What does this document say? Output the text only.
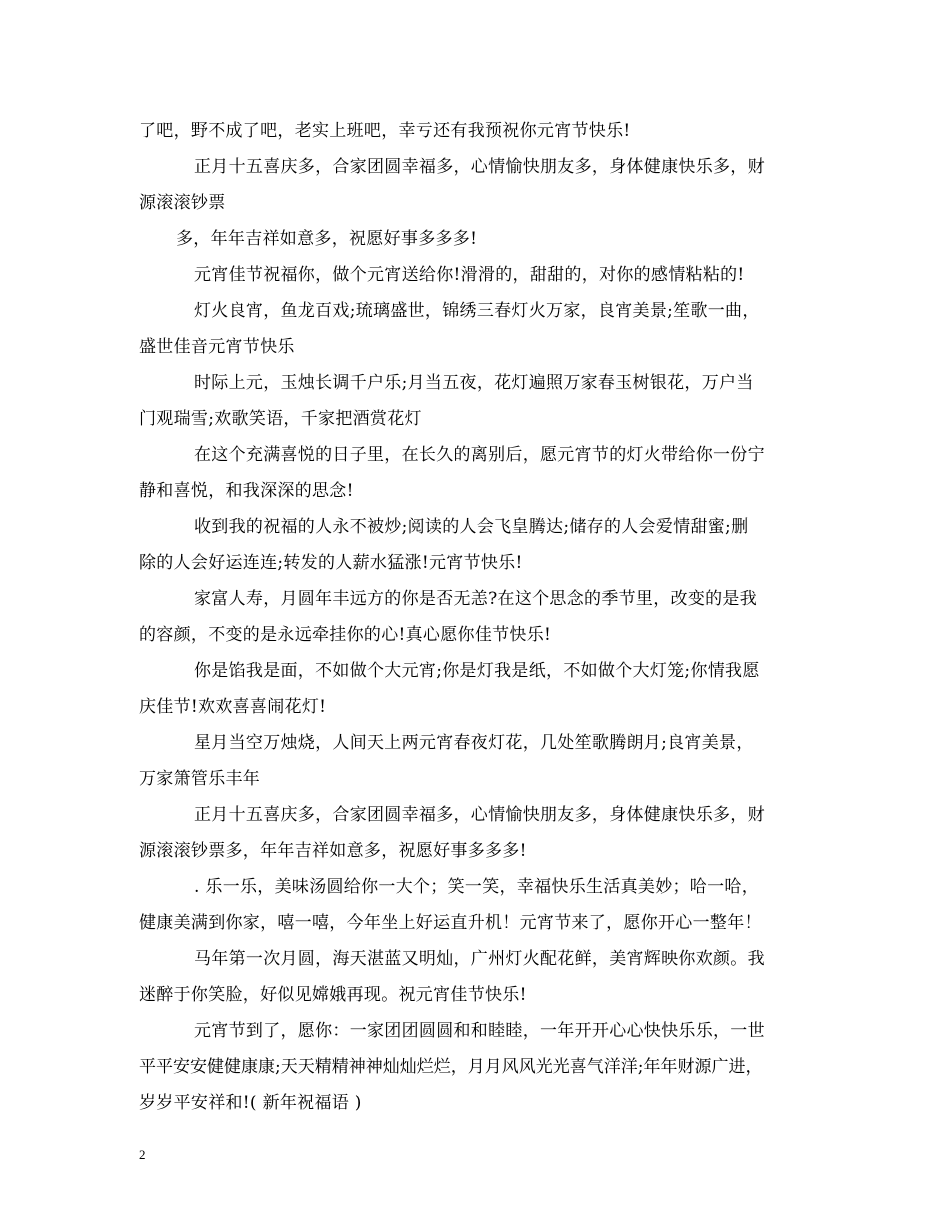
了吧，野不成了吧，老实上班吧，幸亏还有我预祝你元宵节快乐!
正月十五喜庆多，合家团圆幸福多，心情愉快朋友多，身体健康快乐多，财
源滚滚钞票
多，年年吉祥如意多，祝愿好事多多多!
元宵佳节祝福你，做个元宵送给你!滑滑的，甜甜的，对你的感情粘粘的!
灯火良宵，鱼龙百戏;琉璃盛世，锦绣三春灯火万家，良宵美景;笙歌一曲，
盛世佳音元宵节快乐
时际上元，玉烛长调千户乐;月当五夜，花灯遍照万家春玉树银花，万户当
门观瑞雪;欢歌笑语，千家把酒赏花灯
在这个充满喜悦的日子里，在长久的离别后，愿元宵节的灯火带给你一份宁
静和喜悦，和我深深的思念!
收到我的祝福的人永不被炒;阅读的人会飞皇腾达;储存的人会爱情甜蜜;删
除的人会好运连连;转发的人薪水猛涨!元宵节快乐!
家富人寿，月圆年丰远方的你是否无恙?在这个思念的季节里，改变的是我
的容颜，不变的是永远牵挂你的心!真心愿你佳节快乐!
你是馅我是面，不如做个大元宵;你是灯我是纸，不如做个大灯笼;你情我愿
庆佳节!欢欢喜喜闹花灯!
星月当空万烛烧，人间天上两元宵春夜灯花，几处笙歌腾朗月;良宵美景，
万家箫管乐丰年
正月十五喜庆多，合家团圆幸福多，心情愉快朋友多，身体健康快乐多，财
源滚滚钞票多，年年吉祥如意多，祝愿好事多多多!
. 乐一乐，美味汤圆给你一大个；笑一笑，幸福快乐生活真美妙；哈一哈，
健康美满到你家，嘻一嘻，今年坐上好运直升机！元宵节来了，愿你开心一整年！
马年第一次月圆，海天湛蓝又明灿，广州灯火配花鲜，美宵辉映你欢颜。我
迷醉于你笑脸，好似见嫦娥再现。祝元宵佳节快乐!
元宵节到了，愿你：一家团团圆圆和和睦睦，一年开开心心快快乐乐，一世
平平安安健健康康;天天精精神神灿灿烂烂，月月风风光光喜气洋洋;年年财源广进，
岁岁平安祥和!( 新年祝福语 )
2
